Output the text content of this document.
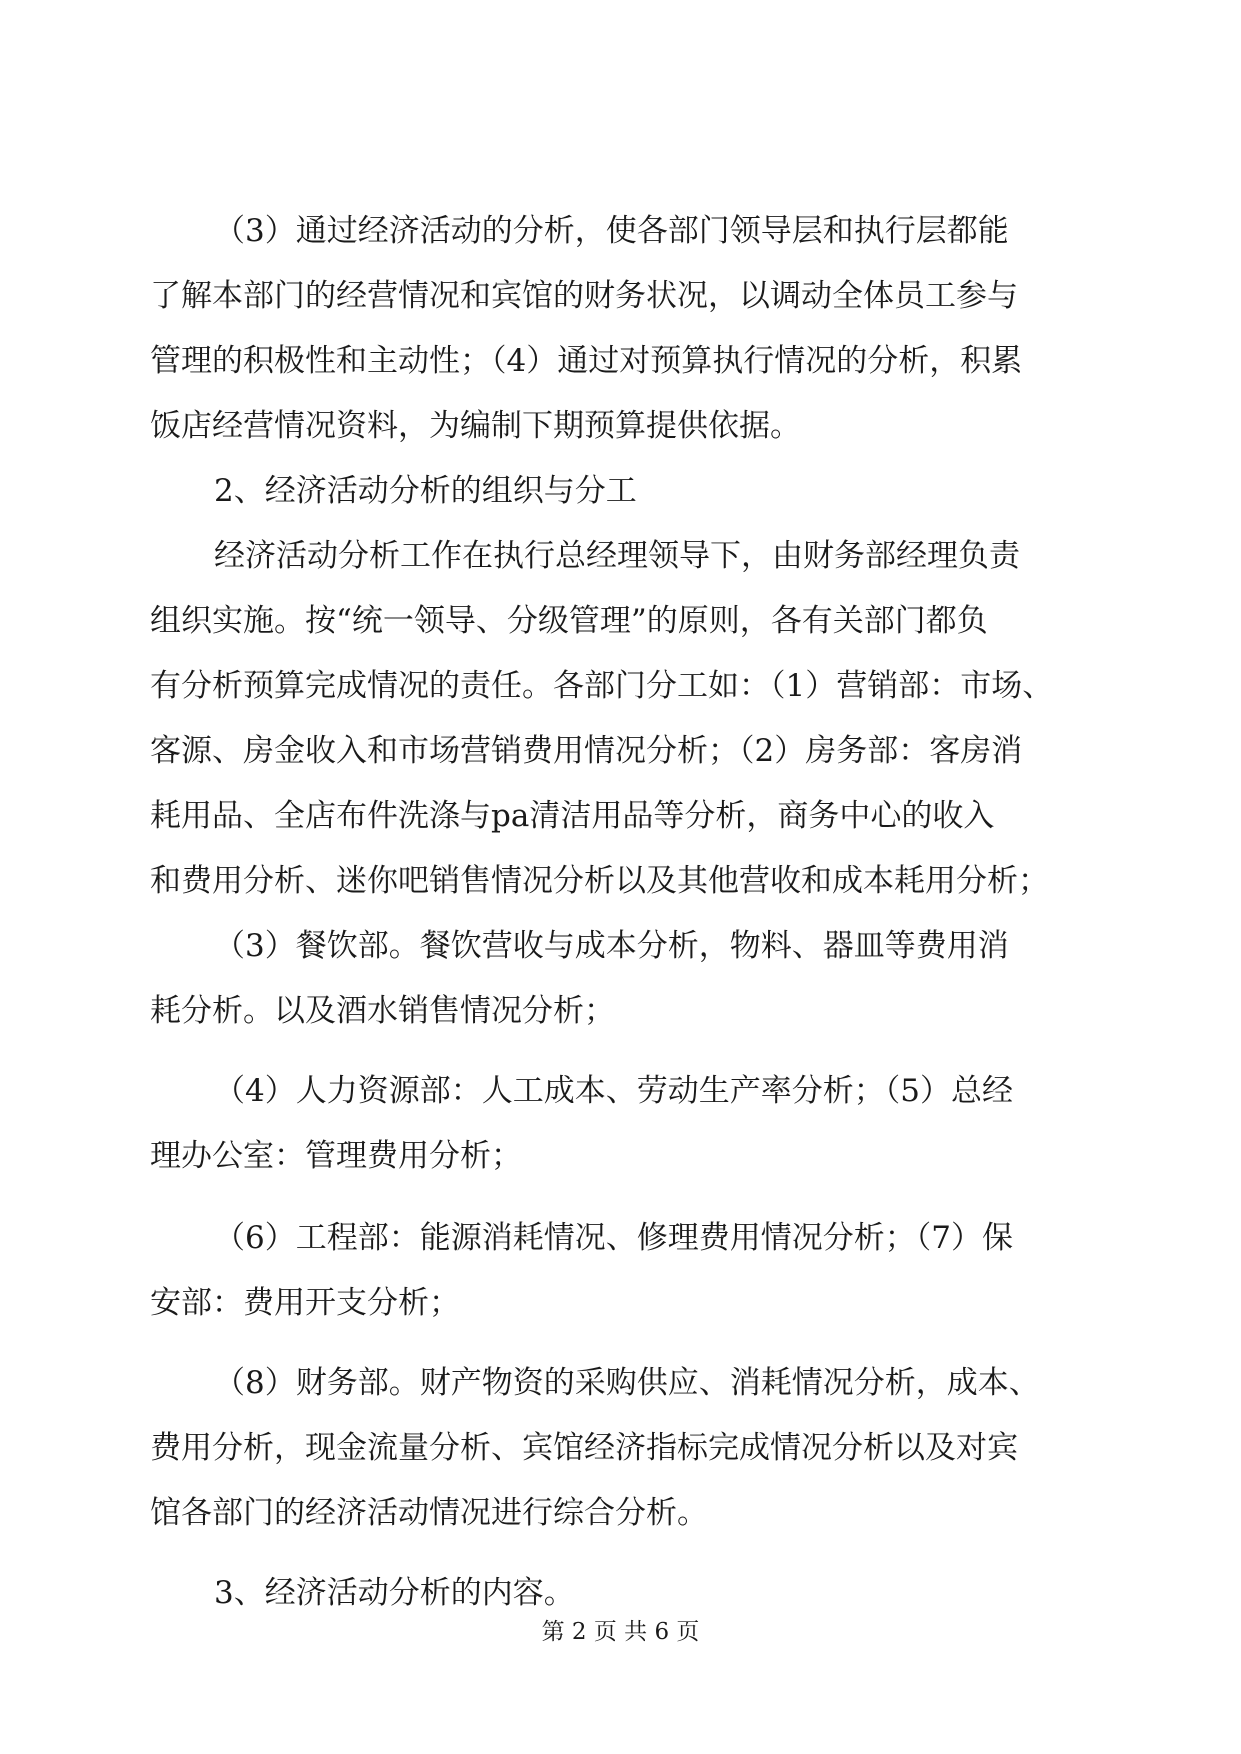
（3）通过经济活动的分析，使各部门领导层和执行层都能
了解本部门的经营情况和宾馆的财务状况，以调动全体员工参与
管理的积极性和主动性；（4）通过对预算执行情况的分析，积累
饭店经营情况资料，为编制下期预算提供依据。
2、经济活动分析的组织与分工
经济活动分析工作在执行总经理领导下，由财务部经理负责
组织实施。按“统一领导、分级管理”的原则，各有关部门都负
有分析预算完成情况的责任。各部门分工如：（1）营销部：市场、
客源、房金收入和市场营销费用情况分析；（2）房务部：客房消
耗用品、全店布件洗涤与pa清洁用品等分析，商务中心的收入
和费用分析、迷你吧销售情况分析以及其他营收和成本耗用分析；
（3）餐饮部。餐饮营收与成本分析，物料、器皿等费用消
耗分析。以及酒水销售情况分析；
（4）人力资源部：人工成本、劳动生产率分析；（5）总经
理办公室：管理费用分析；
（6）工程部：能源消耗情况、修理费用情况分析；（7）保
安部：费用开支分析；
（8）财务部。财产物资的采购供应、消耗情况分析，成本、
费用分析，现金流量分析、宾馆经济指标完成情况分析以及对宾
馆各部门的经济活动情况进行综合分析。
3、经济活动分析的内容。
第 2 页 共 6 页
